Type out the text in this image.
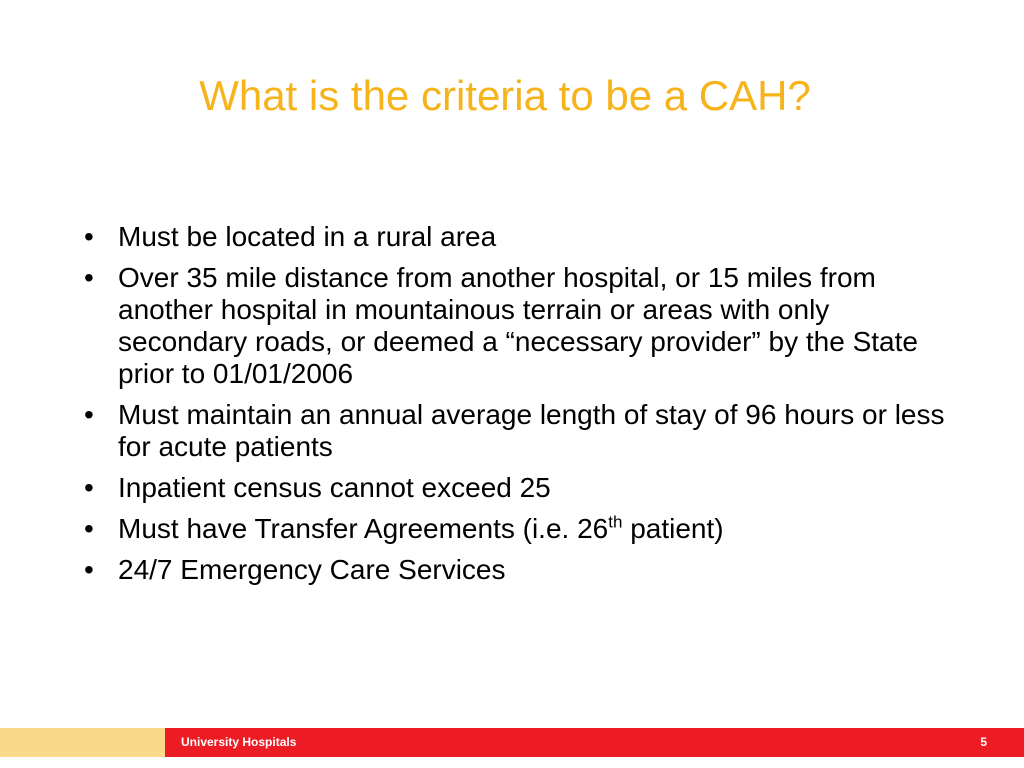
What is the criteria to be a CAH?
• Must be located in a rural area
• Over 35 mile distance from another hospital, or 15 miles from another hospital in mountainous terrain or areas with only secondary roads, or deemed a “necessary provider” by the State prior to 01/01/2006
• Must maintain an annual average length of stay of 96 hours or less for acute patients
• Inpatient census cannot exceed 25
• Must have Transfer Agreements (i.e. 26th patient)
• 24/7 Emergency Care Services
University Hospitals	5
